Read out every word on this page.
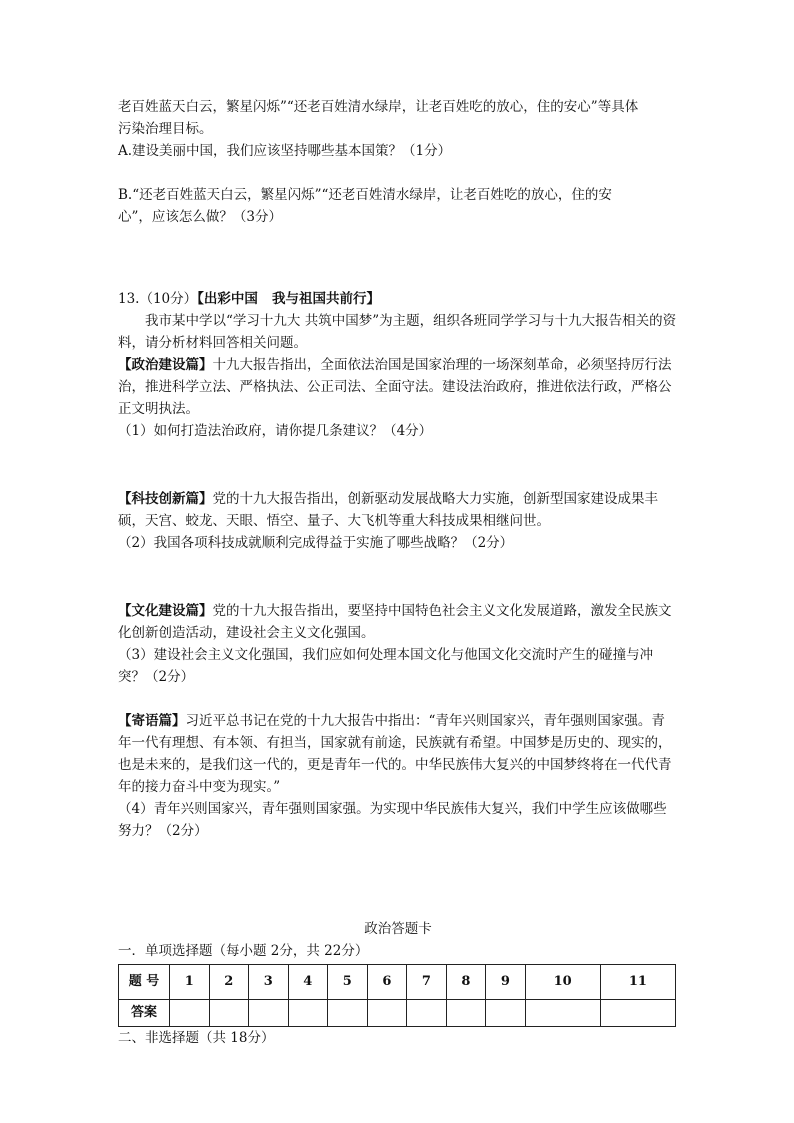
老百姓蓝天白云，繁星闪烁”“还老百姓清水绿岸，让老百姓吃的放心，住的安心”等具体

污染治理目标。

A.建设美丽中国，我们应该坚持哪些基本国策？（1分）

B.“还老百姓蓝天白云，繁星闪烁”“还老百姓清水绿岸，让老百姓吃的放心，住的安

心”，应该怎么做？（3分）

13.（10分）【出彩中国   我与祖国共前行】

我市某中学以“学习十九大 共筑中国梦”为主题，组织各班同学学习与十九大报告相关的资料，请分析材料回答相关问题。

【政治建设篇】十九大报告指出，全面依法治国是国家治理的一场深刻革命，必须坚持厉行法治，推进科学立法、严格执法、公正司法、全面守法。建设法治政府，推进依法行政，严格公正文明执法。

（1）如何打造法治政府，请你提几条建议？（4分）

【科技创新篇】党的十九大报告指出，创新驱动发展战略大力实施，创新型国家建设成果丰硕，天宫、蛟龙、天眼、悟空、量子、大飞机等重大科技成果相继问世。

（2）我国各项科技成就顺利完成得益于实施了哪些战略？（2分）

【文化建设篇】党的十九大报告指出，要坚持中国特色社会主义文化发展道路，激发全民族文化创新创造活动，建设社会主义文化强国。

（3）建设社会主义文化强国，我们应如何处理本国文化与他国文化交流时产生的碰撞与冲突？（2分）

【寄语篇】习近平总书记在党的十九大报告中指出：“青年兴则国家兴，青年强则国家强。青年一代有理想、有本领、有担当，国家就有前途，民族就有希望。中国梦是历史的、现实的，也是未来的，是我们这一代的，更是青年一代的。中华民族伟大复兴的中国梦终将在一代代青年的接力奋斗中变为现实。”

（4）青年兴则国家兴，青年强则国家强。为实现中华民族伟大复兴，我们中学生应该做哪些努力？（2分）

政治答题卡

一．单项选择题（每小题 2分，共 22分）

题 号	1	2	3	4	5	6	7	8	9	10	11
答案											

二、非选择题（共 18分）
